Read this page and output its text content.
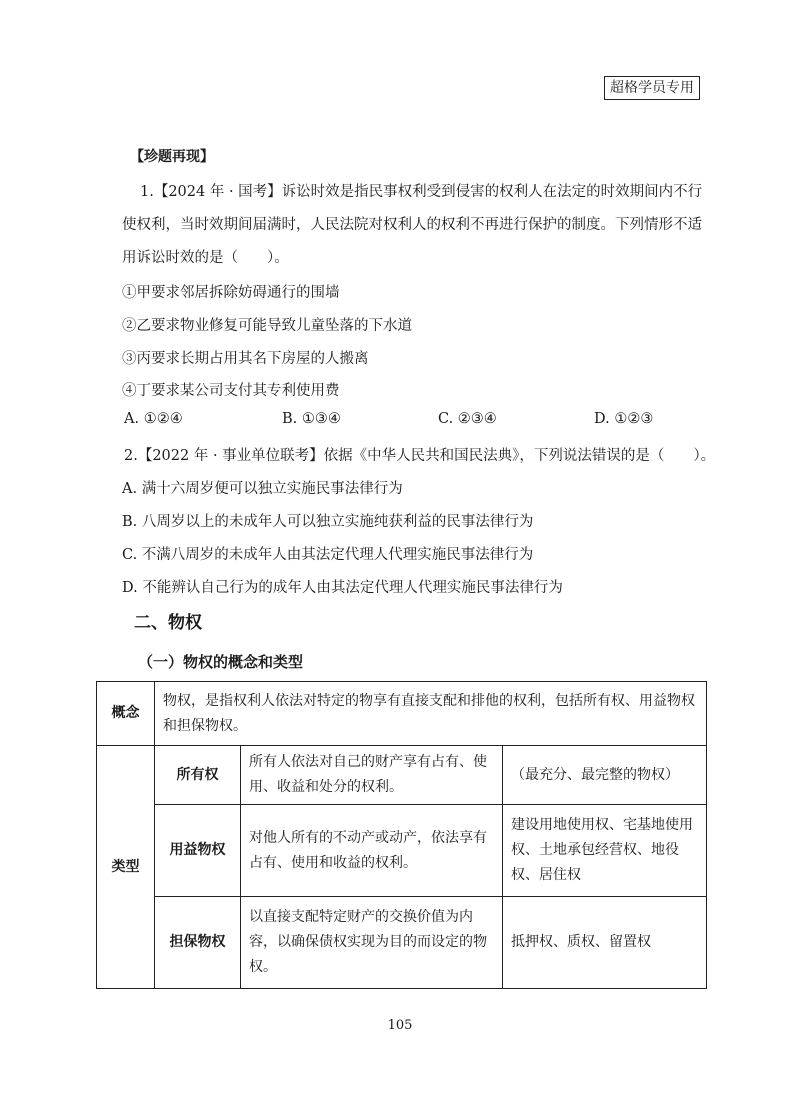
超格学员专用
【珍题再现】
1.【2024 年 · 国考】诉讼时效是指民事权利受到侵害的权利人在法定的时效期间内不行使权利，当时效期间届满时，人民法院对权利人的权利不再进行保护的制度。下列情形不适用诉讼时效的是（　　）。
①甲要求邻居拆除妨碍通行的围墙
②乙要求物业修复可能导致儿童坠落的下水道
③丙要求长期占用其名下房屋的人搬离
④丁要求某公司支付其专利使用费
A. ①②④	B. ①③④	C. ②③④	D. ①②③
2.【2022 年 · 事业单位联考】依据《中华人民共和国民法典》，下列说法错误的是（　　）。
A. 满十六周岁便可以独立实施民事法律行为
B. 八周岁以上的未成年人可以独立实施纯获利益的民事法律行为
C. 不满八周岁的未成年人由其法定代理人代理实施民事法律行为
D. 不能辨认自己行为的成年人由其法定代理人代理实施民事法律行为
二、物权
（一）物权的概念和类型
概念	物权，是指权利人依法对特定的物享有直接支配和排他的权利，包括所有权、用益物权和担保物权。		
类型	所有权	所有人依法对自己的财产享有占有、使用、收益和处分的权利。	（最充分、最完整的物权）
	用益物权	对他人所有的不动产或动产，依法享有占有、使用和收益的权利。	建设用地使用权、宅基地使用权、土地承包经营权、地役权、居住权
	担保物权	以直接支配特定财产的交换价值为内容，以确保债权实现为目的而设定的物权。	抵押权、质权、留置权
105
